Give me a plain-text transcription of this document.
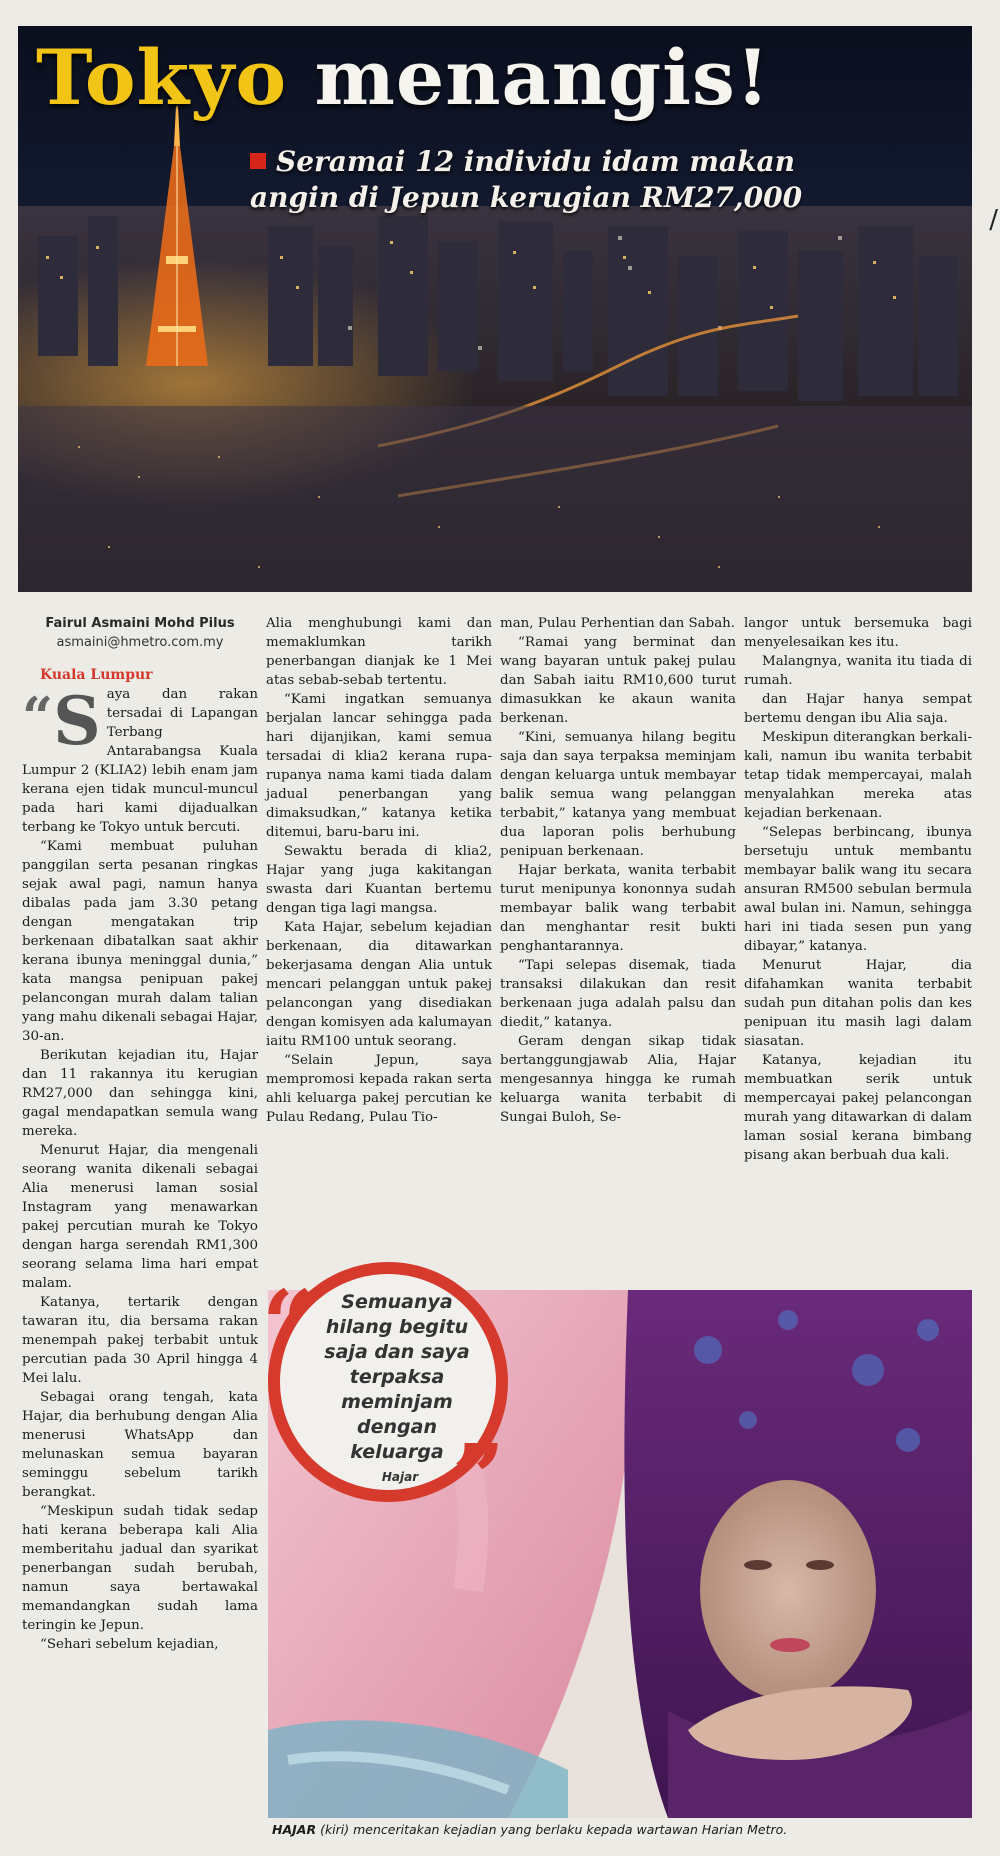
Tokyo menangis!
Seramai 12 individu idam makan angin di Jepun kerugian RM27,000
Fairul Asmaini Mohd Pilus
asmaini@hmetro.com.my

Kuala Lumpur

“S aya dan rakan tersadai di Lapangan Terbang Antarabangsa Kuala Lumpur 2 (KLIA2) lebih enam jam kerana ejen tidak muncul-muncul pada hari kami dijadualkan terbang ke Tokyo untuk bercuti.

“Kami membuat puluhan panggilan serta pesanan ringkas sejak awal pagi, namun hanya dibalas pada jam 3.30 petang dengan mengatakan trip berkenaan dibatalkan saat akhir kerana ibunya meninggal dunia,” kata mangsa penipuan pakej pelancongan murah dalam talian yang mahu dikenali sebagai Hajar, 30-an.

Berikutan kejadian itu, Hajar dan 11 rakannya itu kerugian RM27,000 dan sehingga kini, gagal mendapatkan semula wang mereka.

Menurut Hajar, dia mengenali seorang wanita dikenali sebagai Alia menerusi laman sosial Instagram yang menawarkan pakej percutian murah ke Tokyo dengan harga serendah RM1,300 seorang selama lima hari empat malam.

Katanya, tertarik dengan tawaran itu, dia bersama rakan menempah pakej terbabit untuk percutian pada 30 April hingga 4 Mei lalu.

Sebagai orang tengah, kata Hajar, dia berhubung dengan Alia menerusi WhatsApp dan melunaskan semua bayaran seminggu sebelum tarikh berangkat.

“Meskipun sudah tidak sedap hati kerana beberapa kali Alia memberitahu jadual dan syarikat penerbangan sudah berubah, namun saya bertawakal memandangkan sudah lama teringin ke Jepun.

“Sehari sebelum kejadian,

Alia menghubungi kami dan memaklumkan tarikh penerbangan dianjak ke 1 Mei atas sebab-sebab tertentu.

“Kami ingatkan semuanya berjalan lancar sehingga pada hari dijanjikan, kami semua tersadai di klia2 kerana rupa-rupanya nama kami tiada dalam jadual penerbangan yang dimaksudkan,” katanya ketika ditemui, baru-baru ini.

Sewaktu berada di klia2, Hajar yang juga kakitangan swasta dari Kuantan bertemu dengan tiga lagi mangsa.

Kata Hajar, sebelum kejadian berkenaan, dia ditawarkan bekerjasama dengan Alia untuk mencari pelanggan untuk pakej pelancongan yang disediakan dengan komisyen ada kalumayan iaitu RM100 untuk seorang.

“Selain Jepun, saya mempromosi kepada rakan serta ahli keluarga pakej percutian ke Pulau Redang, Pulau Tio-

man, Pulau Perhentian dan Sabah.

“Ramai yang berminat dan wang bayaran untuk pakej pulau dan Sabah iaitu RM10,600 turut dimasukkan ke akaun wanita berkenan.

“Kini, semuanya hilang begitu saja dan saya terpaksa meminjam dengan keluarga untuk membayar balik semua wang pelanggan terbabit,” katanya yang membuat dua laporan polis berhubung penipuan berkenaan.

Hajar berkata, wanita terbabit turut menipunya kononnya sudah membayar balik wang terbabit dan menghantar resit bukti penghantarannya.

“Tapi selepas disemak, tiada transaksi dilakukan dan resit berkenaan juga adalah palsu dan diedit,” katanya.

Geram dengan sikap tidak bertanggungjawab Alia, Hajar mengesannya hingga ke rumah keluarga wanita terbabit di Sungai Buloh, Se-

langor untuk bersemuka bagi menyelesaikan kes itu.

Malangnya, wanita itu tiada di rumah.

dan Hajar hanya sempat bertemu dengan ibu Alia saja.

Meskipun diterangkan berkali-kali, namun ibu wanita terbabit tetap tidak mempercayai, malah menyalahkan mereka atas kejadian berkenaan.

“Selepas berbincang, ibunya bersetuju untuk membantu membayar balik wang itu secara ansuran RM500 sebulan bermula awal bulan ini. Namun, sehingga hari ini tiada sesen pun yang dibayar,” katanya.

Menurut Hajar, dia difahamkan wanita terbabit sudah pun ditahan polis dan kes penipuan itu masih lagi dalam siasatan.

Katanya, kejadian itu membuatkan serik untuk mempercayai pakej pelancongan murah yang ditawarkan di dalam laman sosial kerana bimbang pisang akan berbuah dua kali.

“	Semuanya hilang begitu saja dan saya terpaksa meminjam dengan keluarga
Hajar ”
HAJAR (kiri) menceritakan kejadian yang berlaku kepada wartawan Harian Metro.
/
